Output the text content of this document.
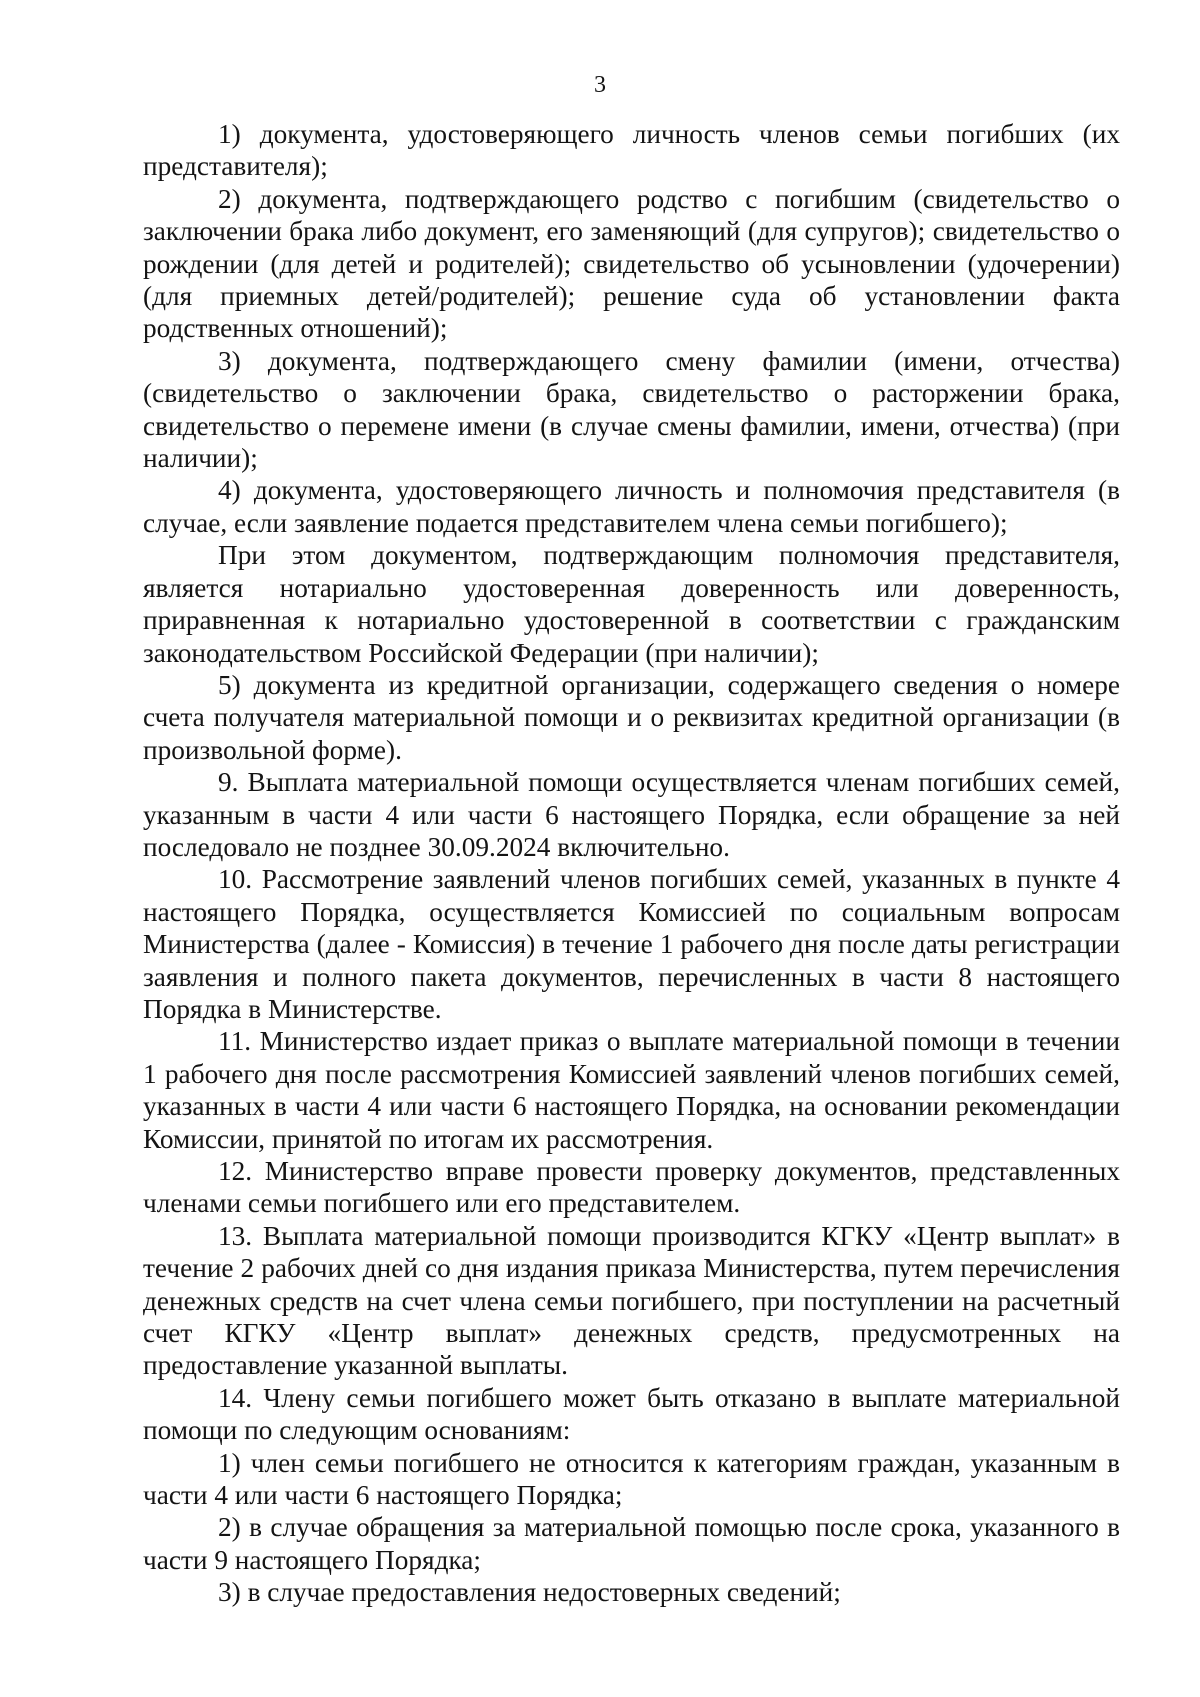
3

1) документа, удостоверяющего личность членов семьи погибших (их представителя);

2) документа, подтверждающего родство с погибшим (свидетельство о заключении брака либо документ, его заменяющий (для супругов); свидетельство о рождении (для детей и родителей); свидетельство об усыновлении (удочерении) (для приемных детей/родителей); решение суда об установлении факта родственных отношений);

3) документа, подтверждающего смену фамилии (имени, отчества) (свидетельство о заключении брака, свидетельство о расторжении брака, свидетельство о перемене имени (в случае смены фамилии, имени, отчества) (при наличии);

4) документа, удостоверяющего личность и полномочия представителя (в случае, если заявление подается представителем члена семьи погибшего);

При этом документом, подтверждающим полномочия представителя, является нотариально удостоверенная доверенность или доверенность, приравненная к нотариально удостоверенной в соответствии с гражданским законодательством Российской Федерации (при наличии);

5) документа из кредитной организации, содержащего сведения о номере счета получателя материальной помощи и о реквизитах кредитной организации (в произвольной форме).

9. Выплата материальной помощи осуществляется членам погибших семей, указанным в части 4 или части 6 настоящего Порядка, если обращение за ней последовало не позднее 30.09.2024 включительно.

10. Рассмотрение заявлений членов погибших семей, указанных в пункте 4 настоящего Порядка, осуществляется Комиссией по социальным вопросам Министерства (далее - Комиссия) в течение 1 рабочего дня после даты регистрации заявления и полного пакета документов, перечисленных в части 8 настоящего Порядка в Министерстве.

11. Министерство издает приказ о выплате материальной помощи в течении 1 рабочего дня после рассмотрения Комиссией заявлений членов погибших семей, указанных в части 4 или части 6 настоящего Порядка, на основании рекомендации Комиссии, принятой по итогам их рассмотрения.

12. Министерство вправе провести проверку документов, представленных членами семьи погибшего или его представителем.

13. Выплата материальной помощи производится КГКУ «Центр выплат» в течение 2 рабочих дней со дня издания приказа Министерства, путем перечисления денежных средств на счет члена семьи погибшего, при поступлении на расчетный счет КГКУ «Центр выплат» денежных средств, предусмотренных на предоставление указанной выплаты.

14. Члену семьи погибшего может быть отказано в выплате материальной помощи по следующим основаниям:

1) член семьи погибшего не относится к категориям граждан, указанным в части 4 или части 6 настоящего Порядка;

2) в случае обращения за материальной помощью после срока, указанного в части 9 настоящего Порядка;

3) в случае предоставления недостоверных сведений;
